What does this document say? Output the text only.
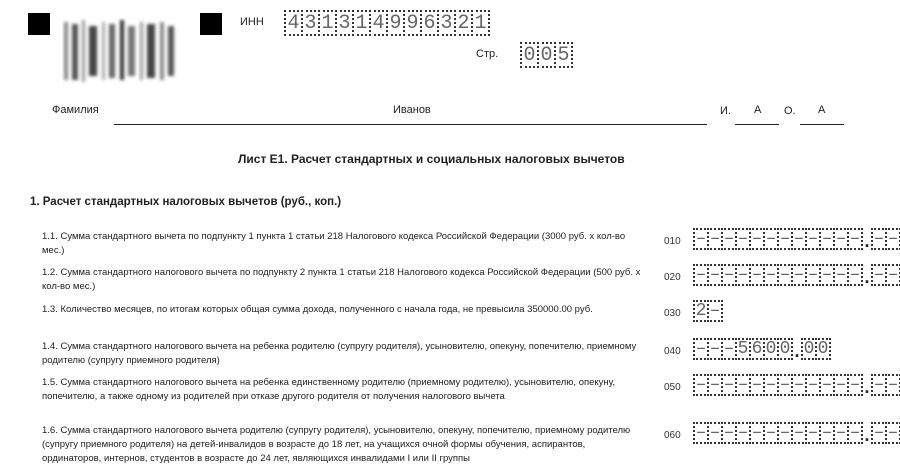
ИНН 4 3 1 3 1 4 9 9 6 3 2 1
Стр. 0 0 5
Фамилия	Иванов	И. А О. А
Лист Е1. Расчет стандартных и социальных налоговых вычетов
1. Расчет стандартных налоговых вычетов (руб., коп.)
1.1. Сумма стандартного вычета по подпункту 1 пункта 1 статьи 218 Налогового кодекса Российской Федерации (3000 руб. х кол-во мес.)
010 – – – – – – – – – – – – . – –
1.2. Сумма стандартного налогового вычета по подпункту 2 пункта 1 статьи 218 Налогового кодекса Российской Федерации (500 руб. х кол-во мес.)
020 – – – – – – – – – – – – . – –
1.3. Количество месяцев, по итогам которых общая сумма дохода, полученного с начала года, не превысила 350000.00 руб.	030 2 –
1.4. Сумма стандартного налогового вычета на ребенка родителю (супругу родителя), усыновителю, опекуну, попечителю, приемному родителю (супругу приемного родителя)
040 – – – 5 6 0 0 . 0 0
1.5. Сумма стандартного налогового вычета на ребенка единственному родителю (приемному родителю), усыновителю, опекуну, попечителю, а также одному из родителей при отказе другого родителя от получения налогового вычета
050 – – – – – – – – – – – – . – –
1.6. Сумма стандартного налогового вычета родителю (супругу родителя), усыновителю, опекуну, попечителю, приемному родителю (супругу приемного родителя) на детей-инвалидов в возрасте до 18 лет, на учащихся очной формы обучения, аспирантов, ординаторов, интернов, студентов в возрасте до 24 лет, являющихся инвалидами I или II группы
060 – – – – – – – – – – – – . – –
